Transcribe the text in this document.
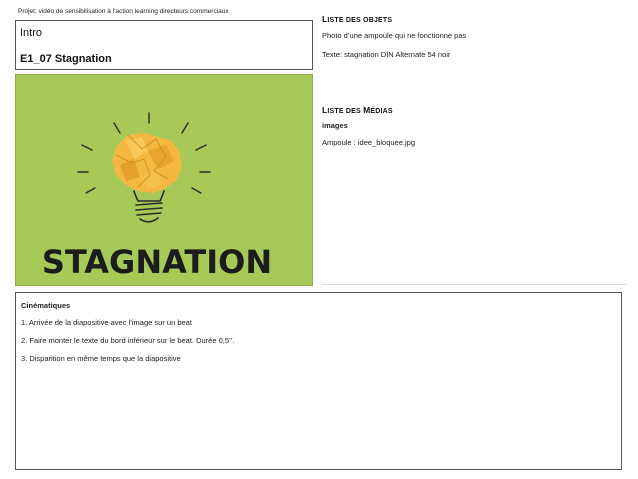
Projet: vidéo de sensibilisation à l’action learning directeurs commerciaux
Intro
E1_07 Stagnation
STAGNATION
LISTE DES OBJETS
Photo d’une ampoule qui ne fonctionne pas
Texte: stagnation DIN Alternate 54 noir
LISTE DES MÉDIAS
images
Ampoule : idee_bloquee.jpg
Cinématiques
1. Arrivée de la diapositive avec l’image sur un beat
2. Faire monter le texte du bord inférieur sur le beat. Durée 0,5’’.
3. Disparition en même temps que la diapositive
